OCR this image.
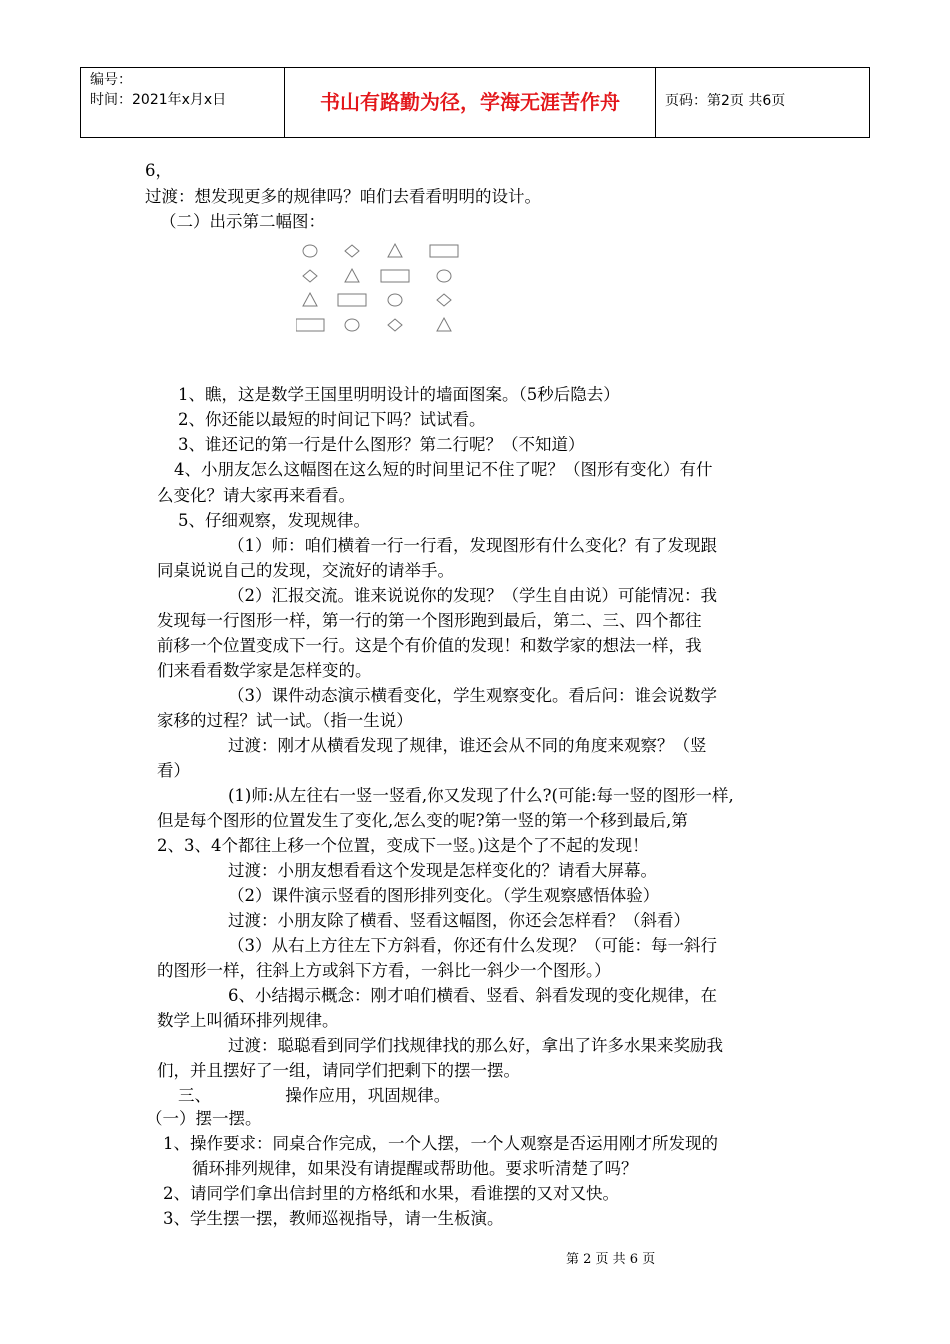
编号：
时间：2021年x月x日	书山有路勤为径，学海无涯苦作舟	页码：第2页 共6页
6，
过渡：想发现更多的规律吗？咱们去看看明明的设计。
（二）出示第二幅图：
1、瞧，这是数学王国里明明设计的墙面图案。（5秒后隐去）
2、你还能以最短的时间记下吗？试试看。
3、谁还记的第一行是什么图形？第二行呢？（不知道）
4、小朋友怎么这幅图在这么短的时间里记不住了呢？（图形有变化）有什
么变化？请大家再来看看。
5、仔细观察，发现规律。
（1）师：咱们横着一行一行看，发现图形有什么变化？有了发现跟
同桌说说自己的发现，交流好的请举手。
（2）汇报交流。谁来说说你的发现？（学生自由说）可能情况：我
发现每一行图形一样，第一行的第一个图形跑到最后，第二、三、四个都往
前移一个位置变成下一行。这是个有价值的发现！和数学家的想法一样，我
们来看看数学家是怎样变的。
（3）课件动态演示横看变化，学生观察变化。看后问：谁会说数学
家移的过程？试一试。（指一生说）
过渡：刚才从横看发现了规律，谁还会从不同的角度来观察？（竖
看）
(1)师:从左往右一竖一竖看,你又发现了什么?(可能:每一竖的图形一样,
但是每个图形的位置发生了变化,怎么变的呢?第一竖的第一个移到最后,第
2、3、4个都往上移一个位置，变成下一竖。)这是个了不起的发现！
过渡：小朋友想看看这个发现是怎样变化的？请看大屏幕。
（2）课件演示竖看的图形排列变化。（学生观察感悟体验）
过渡：小朋友除了横看、竖看这幅图，你还会怎样看？（斜看）
（3）从右上方往左下方斜看，你还有什么发现？（可能：每一斜行
的图形一样，往斜上方或斜下方看，一斜比一斜少一个图形。）
6、小结揭示概念：刚才咱们横看、竖看、斜看发现的变化规律，在
数学上叫循环排列规律。
过渡：聪聪看到同学们找规律找的那么好，拿出了许多水果来奖励我
们，并且摆好了一组，请同学们把剩下的摆一摆。
三、　　　　　操作应用，巩固规律。
（一）摆一摆。
1、操作要求：同桌合作完成，一个人摆，一个人观察是否运用刚才所发现的
循环排列规律，如果没有请提醒或帮助他。要求听清楚了吗？
2、请同学们拿出信封里的方格纸和水果，看谁摆的又对又快。
3、学生摆一摆，教师巡视指导，请一生板演。
第 2 页 共 6 页
